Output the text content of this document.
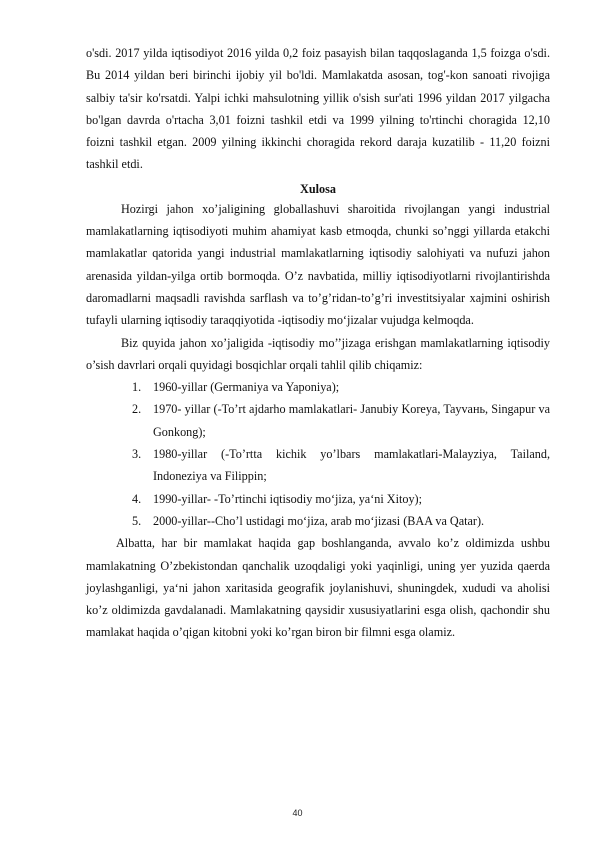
o'sdi. 2017 yilda iqtisodiyot 2016 yilda 0,2 foiz pasayish bilan taqqoslaganda 1,5 foizga o'sdi. Bu 2014 yildan beri birinchi ijobiy yil bo'ldi. Mamlakatda asosan, tog'-kon sanoati rivojiga salbiy ta'sir ko'rsatdi. Yalpi ichki mahsulotning yillik o'sish sur'ati 1996 yildan 2017 yilgacha bo'lgan davrda o'rtacha 3,01 foizni tashkil etdi va 1999 yilning to'rtinchi choragida 12,10 foizni tashkil etgan. 2009 yilning ikkinchi choragida rekord daraja kuzatilib - 11,20 foizni tashkil etdi.

Xulosa

Hozirgi jahon xo’jaligining globallashuvi sharoitida rivojlangan yangi industrial mamlakatlarning iqtisodiyoti muhim ahamiyat kasb etmoqda, chunki so’nggi yillarda etakchi mamlakatlar qatorida yangi industrial mamlakatlarning iqtisodiy salohiyati va nufuzi jahon arenasida yildan-yilga ortib bormoqda. O’z navbatida, milliy iqtisodiyotlarni rivojlantirishda daromadlarni maqsadli ravishda sarflash va to’g’ridan-to’g’ri investitsiyalar xajmini oshirish tufayli ularning iqtisodiy taraqqiyotida -iqtisodiy mo‘jizalar vujudga kelmoqda.

Biz quyida jahon xo’jaligida -iqtisodiy mo’’jizaga erishgan mamlakatlarning iqtisodiy o’sish davrlari orqali quyidagi bosqichlar orqali tahlil qilib chiqamiz:

1. 1960-yillar (Germaniya va Yaponiya);
2. 1970- yillar (-To’rt ajdarho mamlakatlari- Janubiy Koreya, Tayvaнь, Singapur va Gonkong);
3. 1980-yillar (-To’rtta kichik yo’lbars mamlakatlari-Malayziya, Tailand, Indoneziya va Filippin;
4. 1990-yillar- -To’rtinchi iqtisodiy mo‘jiza, ya‘ni Xitoy);
5. 2000-yillar--Cho’l ustidagi mo‘jiza, arab mo‘jizasi (BAA va Qatar).

Albatta, har bir mamlakat haqida gap boshlanganda, avvalo ko’z oldimizda ushbu mamlakatning O’zbekistondan qanchalik uzoqdaligi yoki yaqinligi, uning yer yuzida qaerda joylashganligi, ya‘ni jahon xaritasida geografik joylanishuvi, shuningdek, xududi va aholisi ko’z oldimizda gavdalanadi. Mamlakatning qaysidir xususiyatlarini esga olish, qachondir shu mamlakat haqida o’qigan kitobni yoki ko’rgan biron bir filmni esga olamiz.

40
